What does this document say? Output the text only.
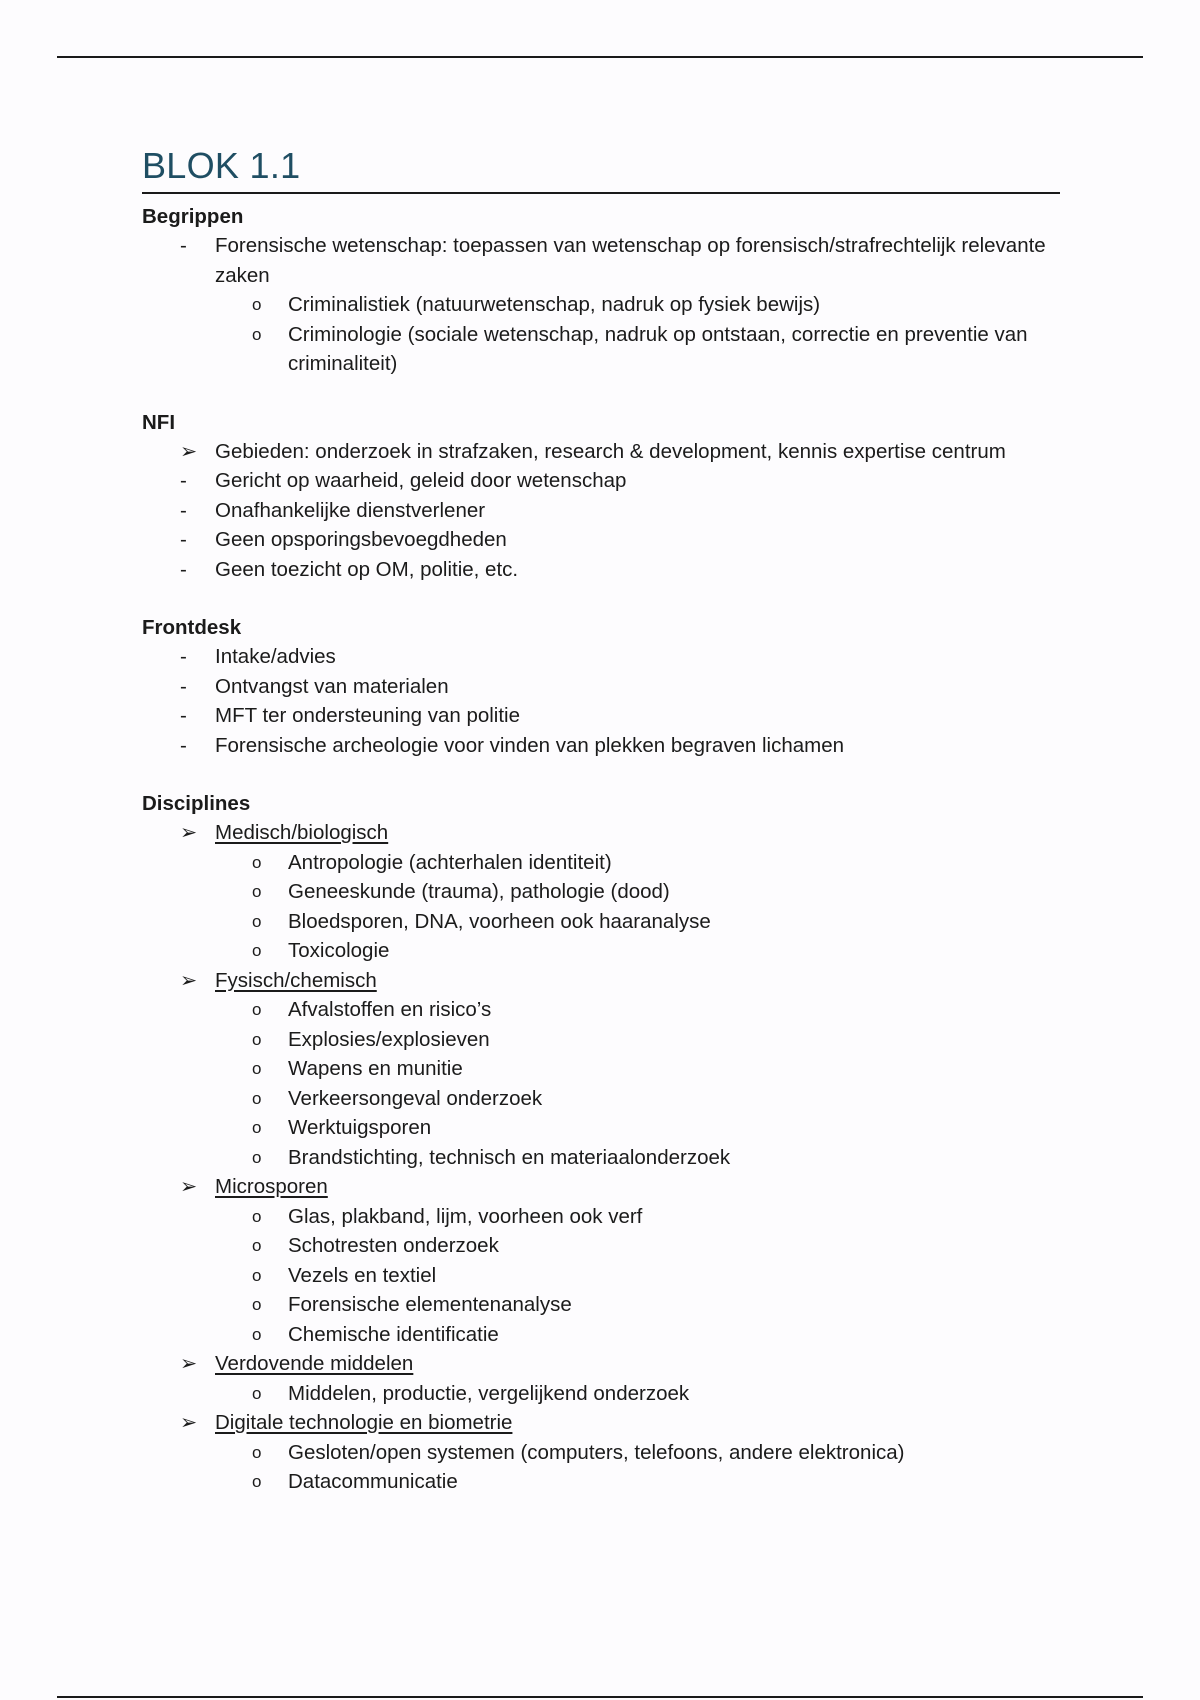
BLOK 1.1
Begrippen
-	Forensische wetenschap: toepassen van wetenschap op forensisch/strafrechtelijk relevante zaken
o	Criminalistiek (natuurwetenschap, nadruk op fysiek bewijs)
o	Criminologie (sociale wetenschap, nadruk op ontstaan, correctie en preventie van criminaliteit)
NFI
➢ Gebieden: onderzoek in strafzaken, research & development, kennis expertise centrum
-	Gericht op waarheid, geleid door wetenschap
-	Onafhankelijke dienstverlener
-	Geen opsporingsbevoegdheden
-	Geen toezicht op OM, politie, etc.
Frontdesk
-	Intake/advies
-	Ontvangst van materialen
-	MFT ter ondersteuning van politie
-	Forensische archeologie voor vinden van plekken begraven lichamen
Disciplines
➢ Medisch/biologisch
o	Antropologie (achterhalen identiteit)
o	Geneeskunde (trauma), pathologie (dood)
o	Bloedsporen, DNA, voorheen ook haaranalyse
o	Toxicologie
➢ Fysisch/chemisch
o	Afvalstoffen en risico’s
o	Explosies/explosieven
o	Wapens en munitie
o	Verkeersongeval onderzoek
o	Werktuigsporen
o	Brandstichting, technisch en materiaalonderzoek
➢ Microsporen
o	Glas, plakband, lijm, voorheen ook verf
o	Schotresten onderzoek
o	Vezels en textiel
o	Forensische elementenanalyse
o	Chemische identificatie
➢ Verdovende middelen
o	Middelen, productie, vergelijkend onderzoek
➢ Digitale technologie en biometrie
o	Gesloten/open systemen (computers, telefoons, andere elektronica)
o	Datacommunicatie
